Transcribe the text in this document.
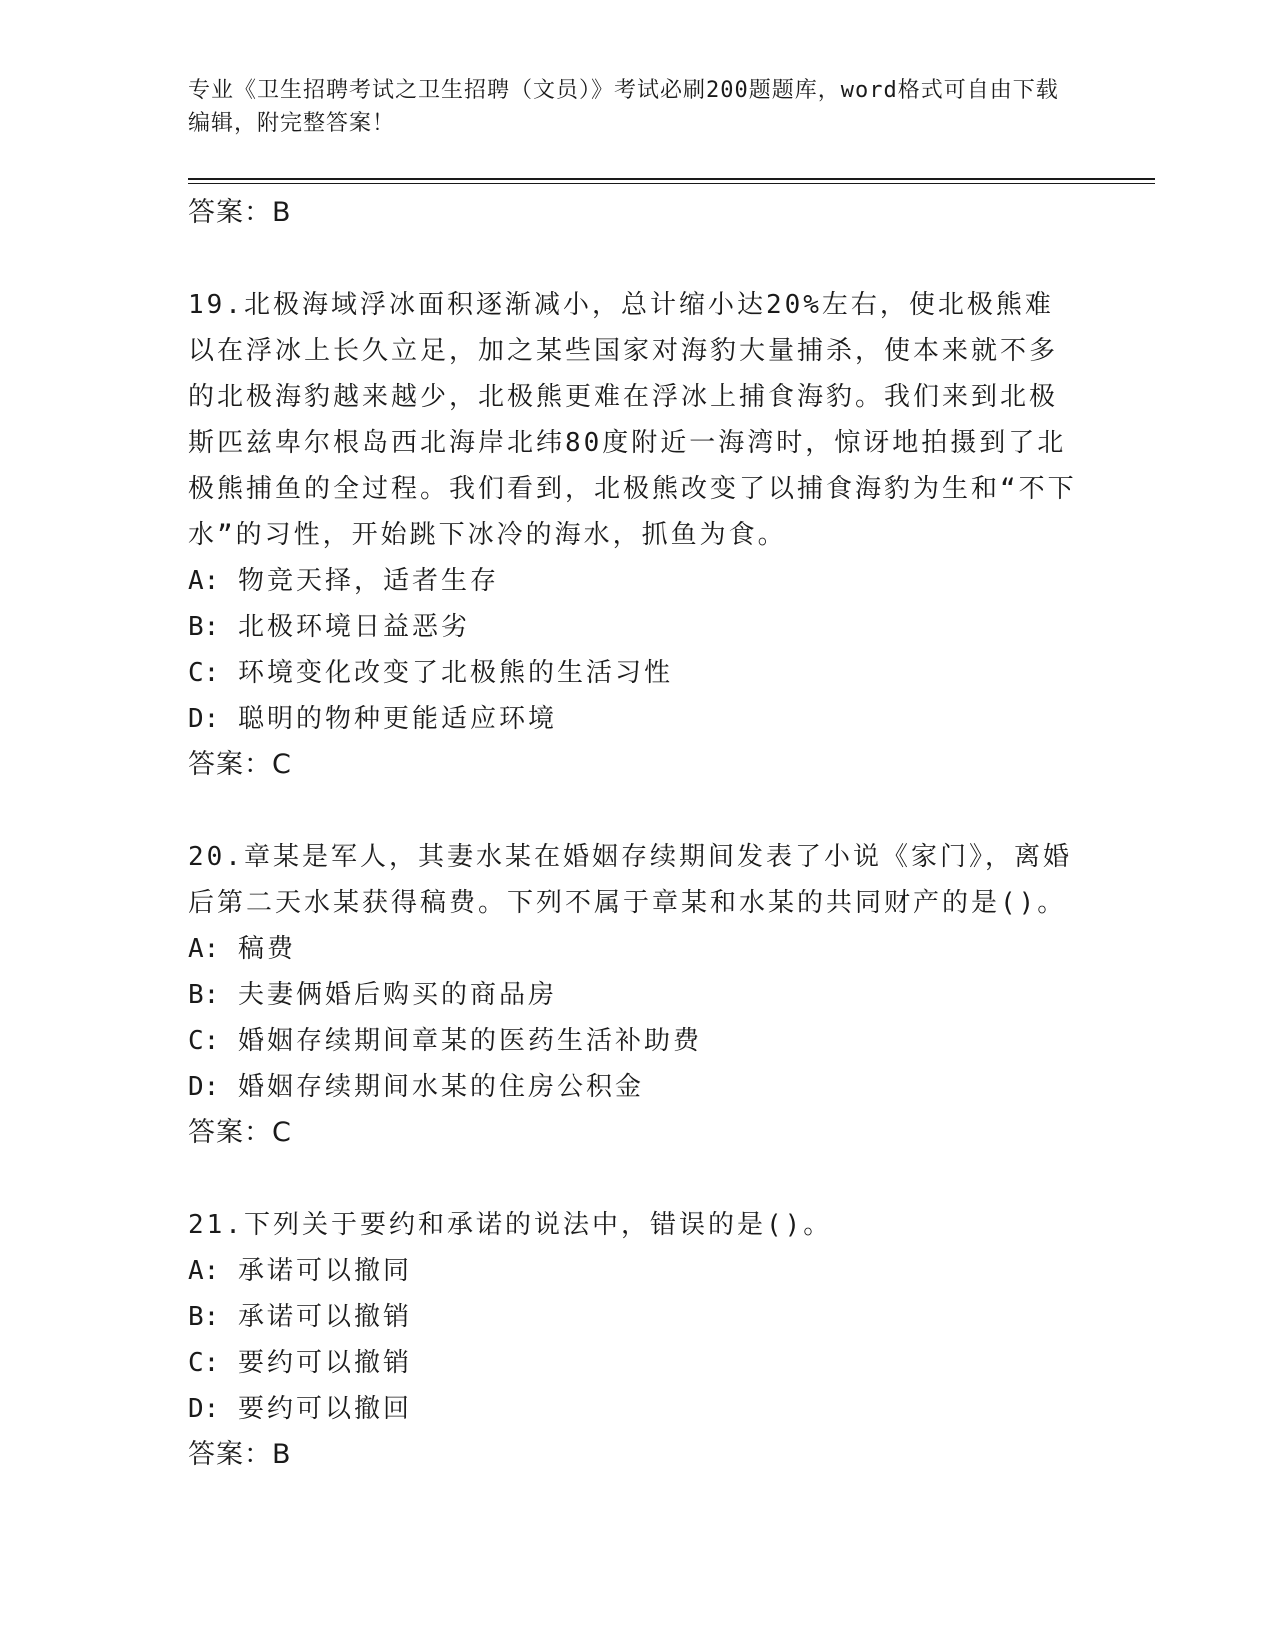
专业《卫生招聘考试之卫生招聘（文员）》考试必刷200题题库，word格式可自由下载编辑，附完整答案！
答案：B

19.北极海域浮冰面积逐渐减小，总计缩小达20%左右，使北极熊难以在浮冰上长久立足，加之某些国家对海豹大量捕杀，使本来就不多的北极海豹越来越少，北极熊更难在浮冰上捕食海豹。我们来到北极斯匹兹卑尔根岛西北海岸北纬80度附近一海湾时，惊讶地拍摄到了北极熊捕鱼的全过程。我们看到，北极熊改变了以捕食海豹为生和“不下水”的习性，开始跳下冰冷的海水，抓鱼为食。

A: 物竞天择，适者生存
B: 北极环境日益恶劣
C: 环境变化改变了北极熊的生活习性
D: 聪明的物种更能适应环境
答案：C

20.章某是军人，其妻水某在婚姻存续期间发表了小说《家门》，离婚后第二天水某获得稿费。下列不属于章某和水某的共同财产的是()。

A: 稿费
B: 夫妻俩婚后购买的商品房
C: 婚姻存续期间章某的医药生活补助费
D: 婚姻存续期间水某的住房公积金
答案：C

21.下列关于要约和承诺的说法中，错误的是()。

A: 承诺可以撤同
B: 承诺可以撤销
C: 要约可以撤销
D: 要约可以撤回
答案：B
